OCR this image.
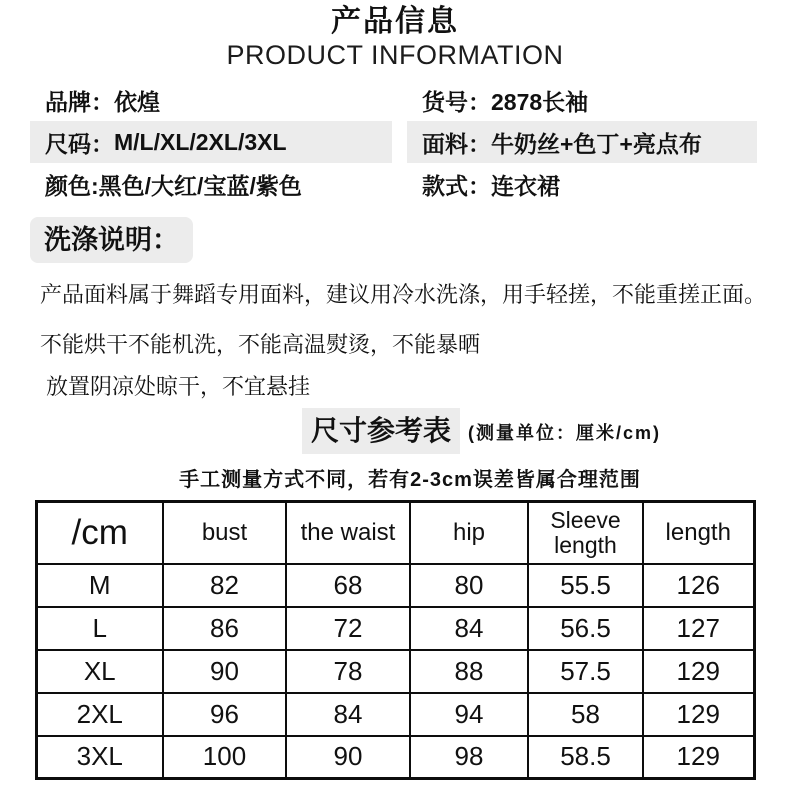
产品信息
PRODUCT INFORMATION
品牌： 依煌	货号： 2878长袖
尺码： M/L/XL/2XL/3XL	面料： 牛奶丝+色丁+亮点布
颜色: 黑色/大红/宝蓝/紫色	款式： 连衣裙
洗涤说明：
产品面料属于舞蹈专用面料，建议用冷水洗涤，用手轻搓，不能重搓正面。
不能烘干不能机洗，不能高温熨烫，不能暴晒
放置阴凉处晾干，不宜悬挂
尺寸参考表 (测量单位：厘米/cm)
手工测量方式不同，若有2-3cm误差皆属合理范围
/cm	bust	the waist	hip	Sleeve length	length
M	82	68	80	55.5	126
L	86	72	84	56.5	127
XL	90	78	88	57.5	129
2XL	96	84	94	58	129
3XL	100	90	98	58.5	129
